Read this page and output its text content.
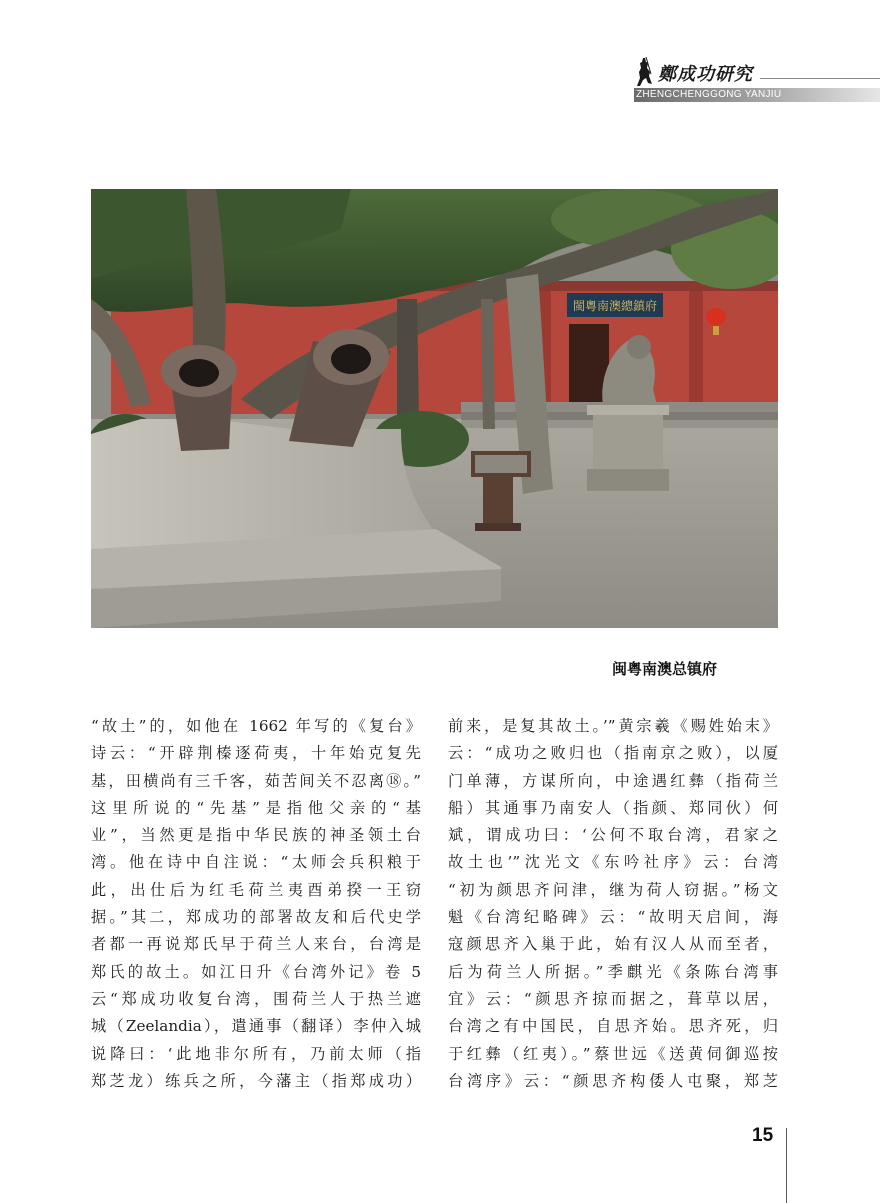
鄭成功研究
ZHENGCHENGGONG YANJIU
閩粵南澳總鎮府
闽粤南澳总镇府
“故土”的，如他在 1662 年写的《复台》
诗云：“开辟荆榛逐荷夷，十年始克复先
基，田横尚有三千客，茹苦间关不忍离⑱。”
这里所说的“先基”是指他父亲的“基
业”，当然更是指中华民族的神圣领土台
湾。他在诗中自注说：“太师会兵积粮于
此，出仕后为红毛荷兰夷酉弟揆一王窃
据。”其二，郑成功的部署故友和后代史学
者都一再说郑氏早于荷兰人来台，台湾是
郑氏的故土。如江日升《台湾外记》卷 5
云“郑成功收复台湾，围荷兰人于热兰遮
城（Zeelandia），遣通事（翻译）李仲入城
说降曰：‘此地非尔所有，乃前太师（指
郑芝龙）练兵之所，今藩主（指郑成功）
前来，是复其故土。’”黄宗羲《赐姓始末》
云：“成功之败归也（指南京之败），以厦
门单薄，方谋所向，中途遇红彝（指荷兰
船）其通事乃南安人（指颜、郑同伙）何
斌，谓成功曰：‘公何不取台湾，君家之
故土也’”沈光文《东吟社序》云：台湾
“初为颜思齐问津，继为荷人窃据。”杨文
魁《台湾纪略碑》云：“故明天启间，海
寇颜思齐入巢于此，始有汉人从而至者，
后为荷兰人所据。”季麒光《条陈台湾事
宜》云：“颜思齐掠而据之，葺草以居，
台湾之有中国民，自思齐始。思齐死，归
于红彝（红夷）。”蔡世远《送黄伺御巡按
台湾序》云：“颜思齐构倭人屯聚，郑芝
15
